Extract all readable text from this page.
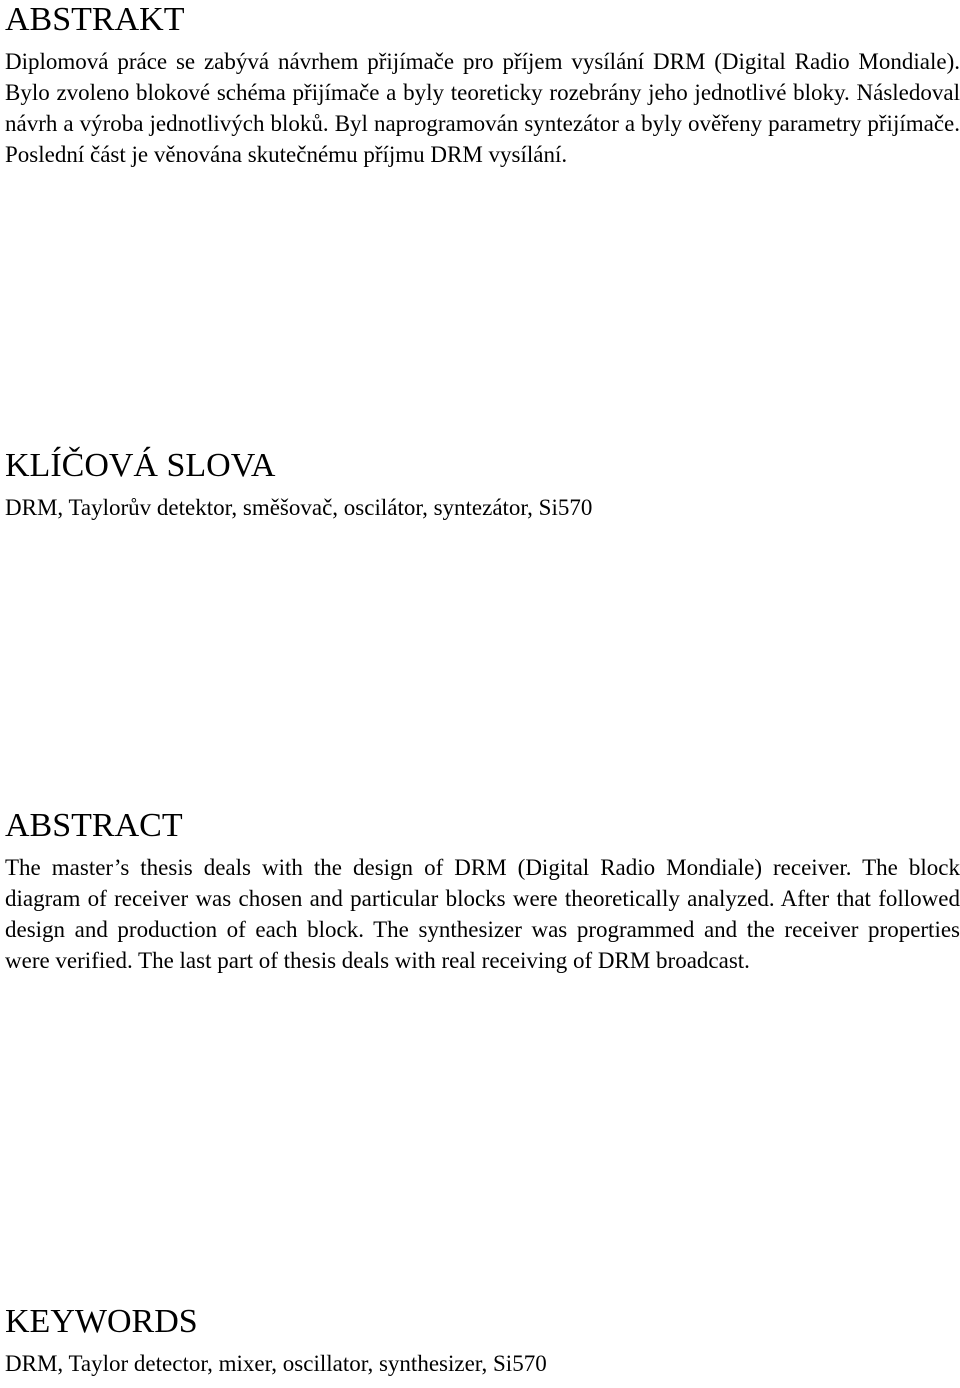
ABSTRAKT

Diplomová práce se zabývá návrhem přijímače pro příjem vysílání DRM (Digital Radio Mondiale). Bylo zvoleno blokové schéma přijímače a byly teoreticky rozebrány jeho jednotlivé bloky. Následoval návrh a výroba jednotlivých bloků. Byl naprogramován syntezátor a byly ověřeny parametry přijímače. Poslední část je věnována skutečnému příjmu DRM vysílání.

KLÍČOVÁ SLOVA

DRM, Taylorův detektor, směšovač, oscilátor, syntezátor, Si570

ABSTRACT

The master’s thesis deals with the design of DRM (Digital Radio Mondiale) receiver. The block diagram of receiver was chosen and particular blocks were theoretically analyzed. After that followed design and production of each block. The synthesizer was programmed and the receiver properties were verified. The last part of thesis deals with real receiving of DRM broadcast.

KEYWORDS

DRM, Taylor detector, mixer, oscillator, synthesizer, Si570
